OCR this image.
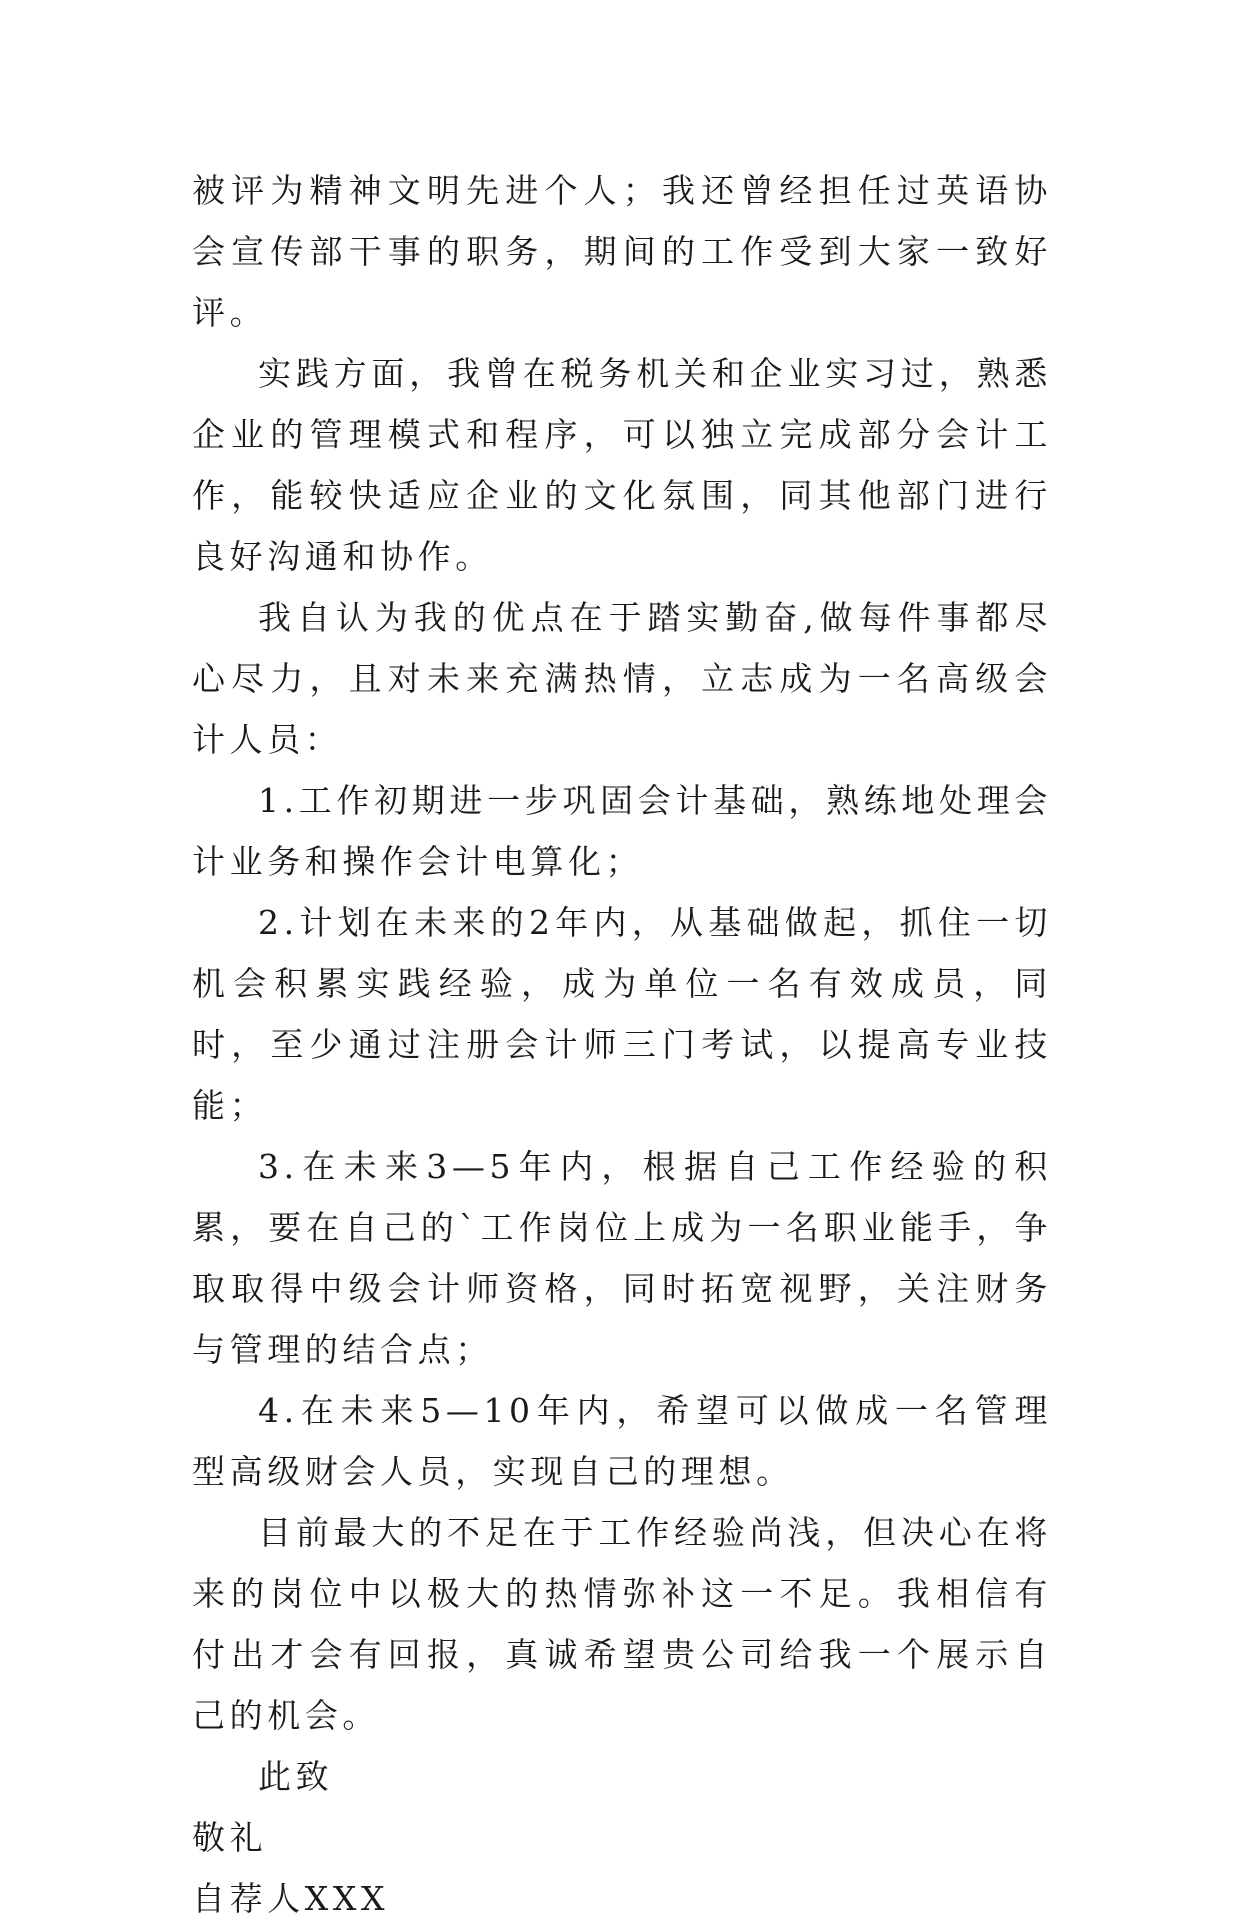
被评为精神文明先进个人；我还曾经担任过英语协会宣传部干事的职务，期间的工作受到大家一致好评。

实践方面，我曾在税务机关和企业实习过，熟悉企业的管理模式和程序，可以独立完成部分会计工作，能较快适应企业的文化氛围，同其他部门进行良好沟通和协作。

我自认为我的优点在于踏实勤奋,做每件事都尽心尽力，且对未来充满热情，立志成为一名高级会计人员：

1.工作初期进一步巩固会计基础，熟练地处理会计业务和操作会计电算化；

2.计划在未来的2年内，从基础做起，抓住一切机会积累实践经验，成为单位一名有效成员，同时，至少通过注册会计师三门考试，以提高专业技能；

3.在未来3—5年内，根据自己工作经验的积累，要在自己的`工作岗位上成为一名职业能手，争取取得中级会计师资格，同时拓宽视野，关注财务与管理的结合点；

4.在未来5—10年内，希望可以做成一名管理型高级财会人员，实现自己的理想。

目前最大的不足在于工作经验尚浅，但决心在将来的岗位中以极大的热情弥补这一不足。我相信有付出才会有回报，真诚希望贵公司给我一个展示自己的机会。

此致

敬礼

自荐人XXX
